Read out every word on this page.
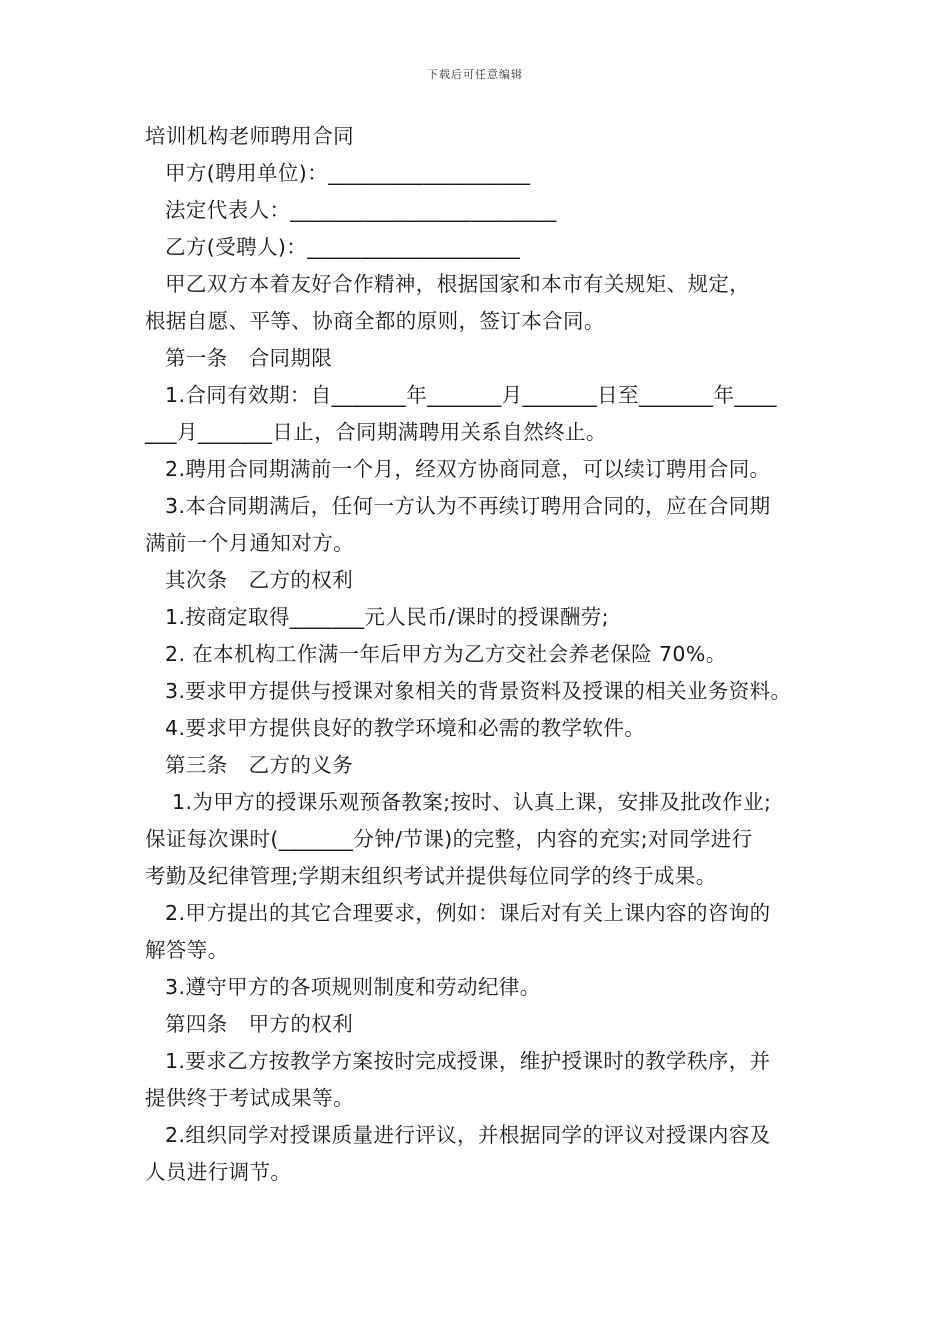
下载后可任意编辑
培训机构老师聘用合同
甲方(聘用单位)：___________________
法定代表人：_________________________
乙方(受聘人)：____________________
甲乙双方本着友好合作精神，根据国家和本市有关规矩、规定，
根据自愿、平等、协商全都的原则，签订本合同。
第一条　合同期限
1.合同有效期：自_______年_______月_______日至_______年____
___月_______日止，合同期满聘用关系自然终止。
2.聘用合同期满前一个月，经双方协商同意，可以续订聘用合同。
3.本合同期满后，任何一方认为不再续订聘用合同的，应在合同期
满前一个月通知对方。
其次条　乙方的权利
1.按商定取得_______元人民币/课时的授课酬劳;
2. 在本机构工作满一年后甲方为乙方交社会养老保险 70%。
3.要求甲方提供与授课对象相关的背景资料及授课的相关业务资料。
4.要求甲方提供良好的教学环境和必需的教学软件。
第三条　乙方的义务
1.为甲方的授课乐观预备教案;按时、认真上课，安排及批改作业;
保证每次课时(_______分钟/节课)的完整，内容的充实;对同学进行
考勤及纪律管理;学期末组织考试并提供每位同学的终于成果。
2.甲方提出的其它合理要求，例如：课后对有关上课内容的咨询的
解答等。
3.遵守甲方的各项规则制度和劳动纪律。
第四条　甲方的权利
1.要求乙方按教学方案按时完成授课，维护授课时的教学秩序，并
提供终于考试成果等。
2.组织同学对授课质量进行评议，并根据同学的评议对授课内容及
人员进行调节。
